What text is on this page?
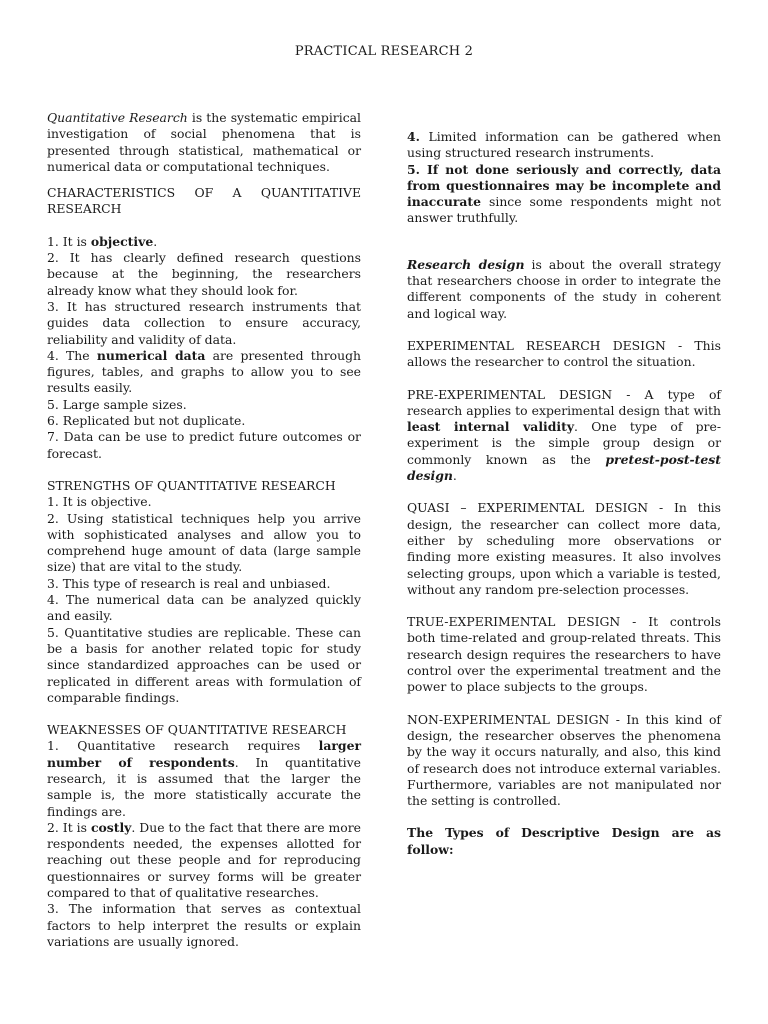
PRACTICAL RESEARCH 2

Quantitative Research is the systematic empirical investigation of social phenomena that is presented through statistical, mathematical or numerical data or computational techniques.

CHARACTERISTICS OF A QUANTITATIVE RESEARCH

1. It is objective.

2. It has clearly defined research questions because at the beginning, the researchers already know what they should look for.

3. It has structured research instruments that guides data collection to ensure accuracy, reliability and validity of data.

4. The numerical data are presented through figures, tables, and graphs to allow you to see results easily.

5. Large sample sizes.

6. Replicated but not duplicate.

7. Data can be use to predict future outcomes or forecast.

STRENGTHS OF QUANTITATIVE RESEARCH

1. It is objective.

2. Using statistical techniques help you arrive with sophisticated analyses and allow you to comprehend huge amount of data (large sample size) that are vital to the study.

3. This type of research is real and unbiased.

4. The numerical data can be analyzed quickly and easily.

5. Quantitative studies are replicable. These can be a basis for another related topic for study since standardized approaches can be used or replicated in different areas with formulation of comparable findings.

WEAKNESSES OF QUANTITATIVE RESEARCH

1. Quantitative research requires larger number of respondents. In quantitative research, it is assumed that the larger the sample is, the more statistically accurate the findings are.

2. It is costly. Due to the fact that there are more respondents needed, the expenses allotted for reaching out these people and for reproducing questionnaires or survey forms will be greater compared to that of qualitative researches.

3. The information that serves as contextual factors to help interpret the results or explain variations are usually ignored.

4. Limited information can be gathered when using structured research instruments.

5. If not done seriously and correctly, data from questionnaires may be incomplete and inaccurate since some respondents might not answer truthfully.

Research design is about the overall strategy that researchers choose in order to integrate the different components of the study in coherent and logical way.

EXPERIMENTAL RESEARCH DESIGN - This allows the researcher to control the situation.

PRE-EXPERIMENTAL DESIGN - A type of research applies to experimental design that with least internal validity. One type of pre-experiment is the simple group design or commonly known as the pretest-post-test design.

QUASI – EXPERIMENTAL DESIGN - In this design, the researcher can collect more data, either by scheduling more observations or finding more existing measures. It also involves selecting groups, upon which a variable is tested, without any random pre-selection processes.

TRUE-EXPERIMENTAL DESIGN - It controls both time-related and group-related threats. This research design requires the researchers to have control over the experimental treatment and the power to place subjects to the groups.

NON-EXPERIMENTAL DESIGN - In this kind of design, the researcher observes the phenomena by the way it occurs naturally, and also, this kind of research does not introduce external variables. Furthermore, variables are not manipulated nor the setting is controlled.

The Types of Descriptive Design are as follow:
